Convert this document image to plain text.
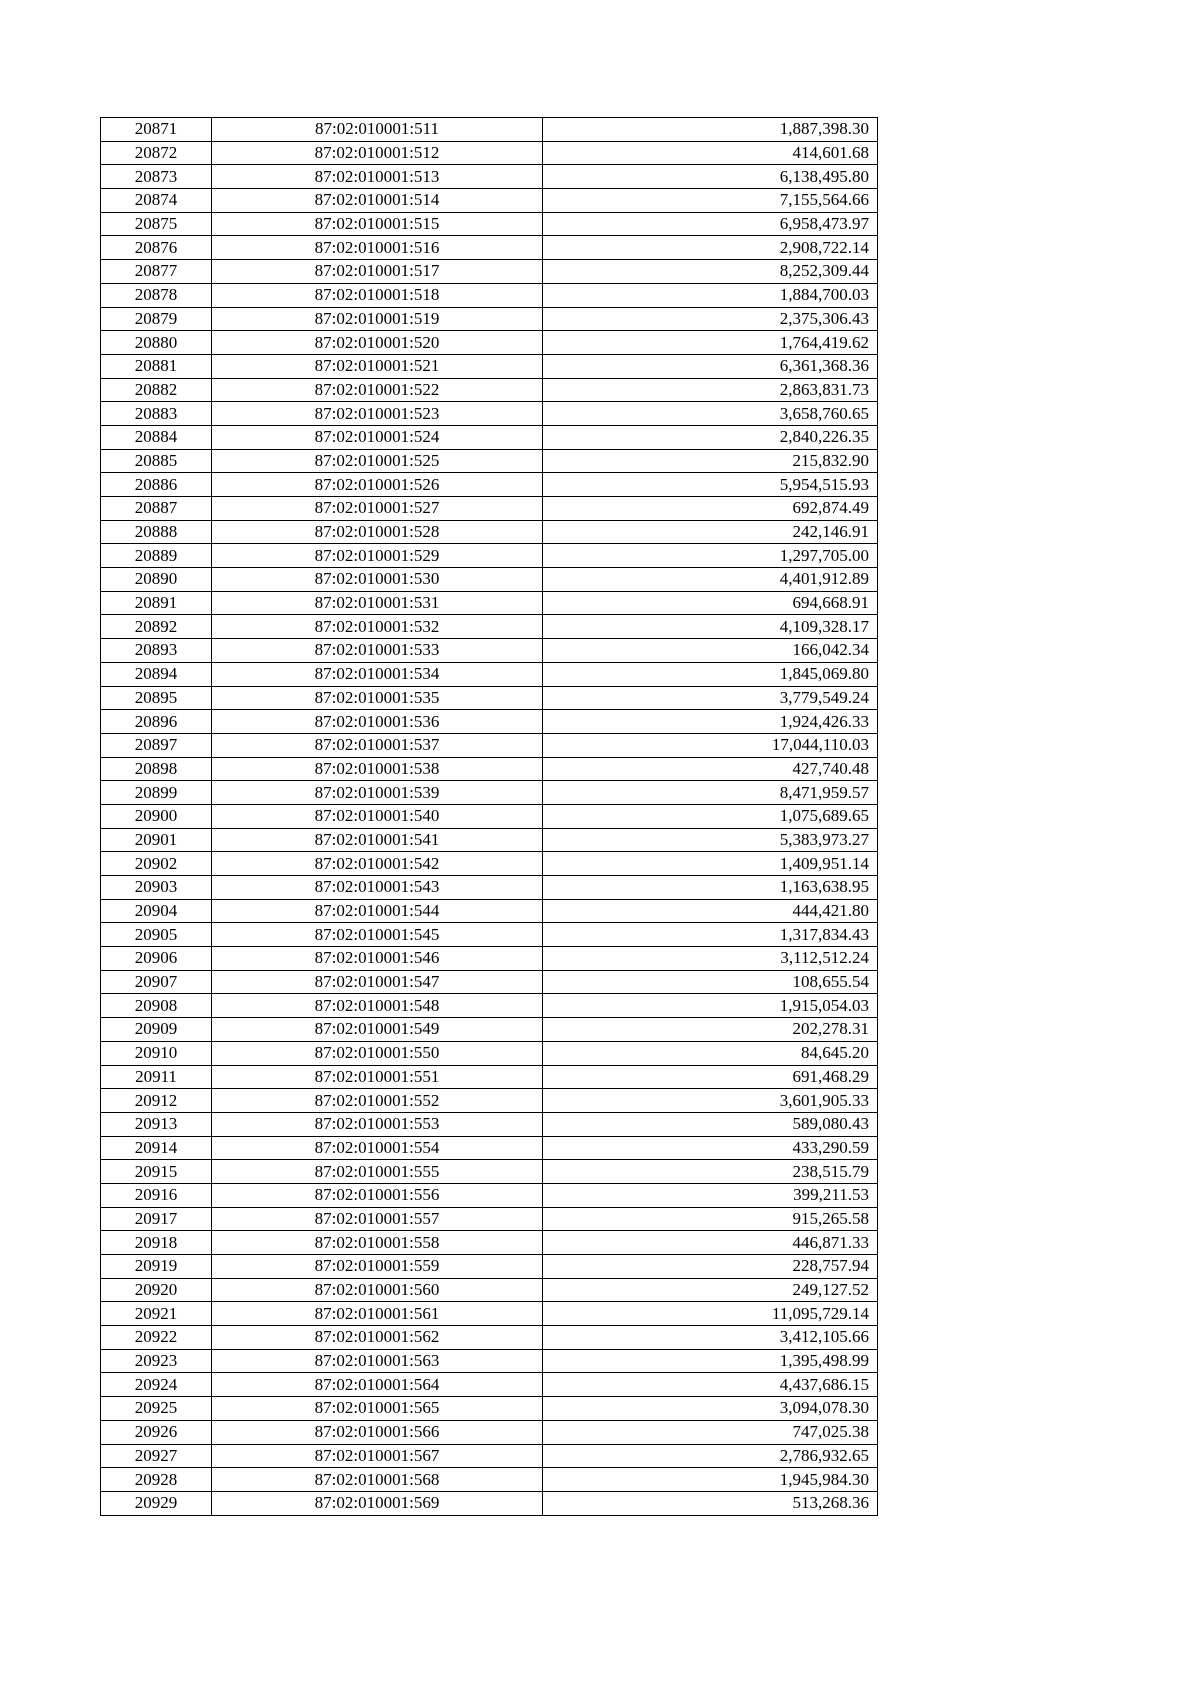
20871	87:02:010001:511	1,887,398.30
20872	87:02:010001:512	414,601.68
20873	87:02:010001:513	6,138,495.80
20874	87:02:010001:514	7,155,564.66
20875	87:02:010001:515	6,958,473.97
20876	87:02:010001:516	2,908,722.14
20877	87:02:010001:517	8,252,309.44
20878	87:02:010001:518	1,884,700.03
20879	87:02:010001:519	2,375,306.43
20880	87:02:010001:520	1,764,419.62
20881	87:02:010001:521	6,361,368.36
20882	87:02:010001:522	2,863,831.73
20883	87:02:010001:523	3,658,760.65
20884	87:02:010001:524	2,840,226.35
20885	87:02:010001:525	215,832.90
20886	87:02:010001:526	5,954,515.93
20887	87:02:010001:527	692,874.49
20888	87:02:010001:528	242,146.91
20889	87:02:010001:529	1,297,705.00
20890	87:02:010001:530	4,401,912.89
20891	87:02:010001:531	694,668.91
20892	87:02:010001:532	4,109,328.17
20893	87:02:010001:533	166,042.34
20894	87:02:010001:534	1,845,069.80
20895	87:02:010001:535	3,779,549.24
20896	87:02:010001:536	1,924,426.33
20897	87:02:010001:537	17,044,110.03
20898	87:02:010001:538	427,740.48
20899	87:02:010001:539	8,471,959.57
20900	87:02:010001:540	1,075,689.65
20901	87:02:010001:541	5,383,973.27
20902	87:02:010001:542	1,409,951.14
20903	87:02:010001:543	1,163,638.95
20904	87:02:010001:544	444,421.80
20905	87:02:010001:545	1,317,834.43
20906	87:02:010001:546	3,112,512.24
20907	87:02:010001:547	108,655.54
20908	87:02:010001:548	1,915,054.03
20909	87:02:010001:549	202,278.31
20910	87:02:010001:550	84,645.20
20911	87:02:010001:551	691,468.29
20912	87:02:010001:552	3,601,905.33
20913	87:02:010001:553	589,080.43
20914	87:02:010001:554	433,290.59
20915	87:02:010001:555	238,515.79
20916	87:02:010001:556	399,211.53
20917	87:02:010001:557	915,265.58
20918	87:02:010001:558	446,871.33
20919	87:02:010001:559	228,757.94
20920	87:02:010001:560	249,127.52
20921	87:02:010001:561	11,095,729.14
20922	87:02:010001:562	3,412,105.66
20923	87:02:010001:563	1,395,498.99
20924	87:02:010001:564	4,437,686.15
20925	87:02:010001:565	3,094,078.30
20926	87:02:010001:566	747,025.38
20927	87:02:010001:567	2,786,932.65
20928	87:02:010001:568	1,945,984.30
20929	87:02:010001:569	513,268.36
